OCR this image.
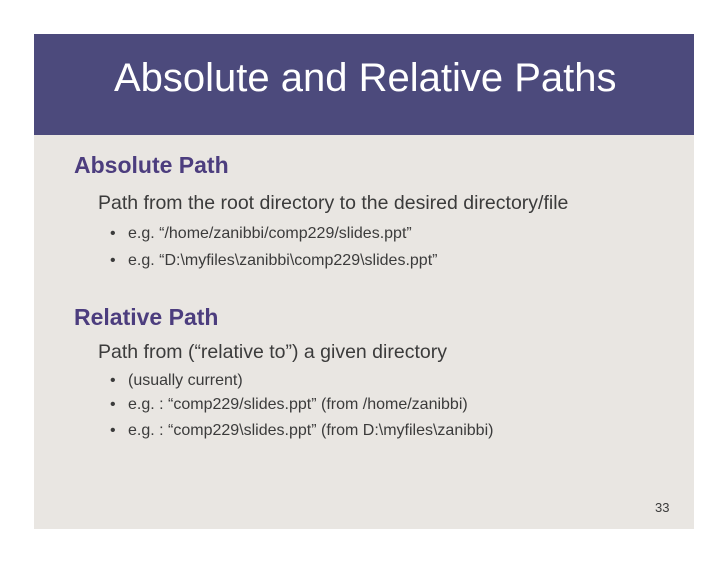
Absolute and Relative Paths
Absolute Path
Path from the root directory to the desired directory/file
• e.g. “/home/zanibbi/comp229/slides.ppt”
• e.g. “D:\myfiles\zanibbi\comp229\slides.ppt”
Relative Path
Path from (“relative to”) a given directory
• (usually current)
• e.g. : “comp229/slides.ppt” (from /home/zanibbi)
• e.g. : “comp229\slides.ppt” (from D:\myfiles\zanibbi)
33
